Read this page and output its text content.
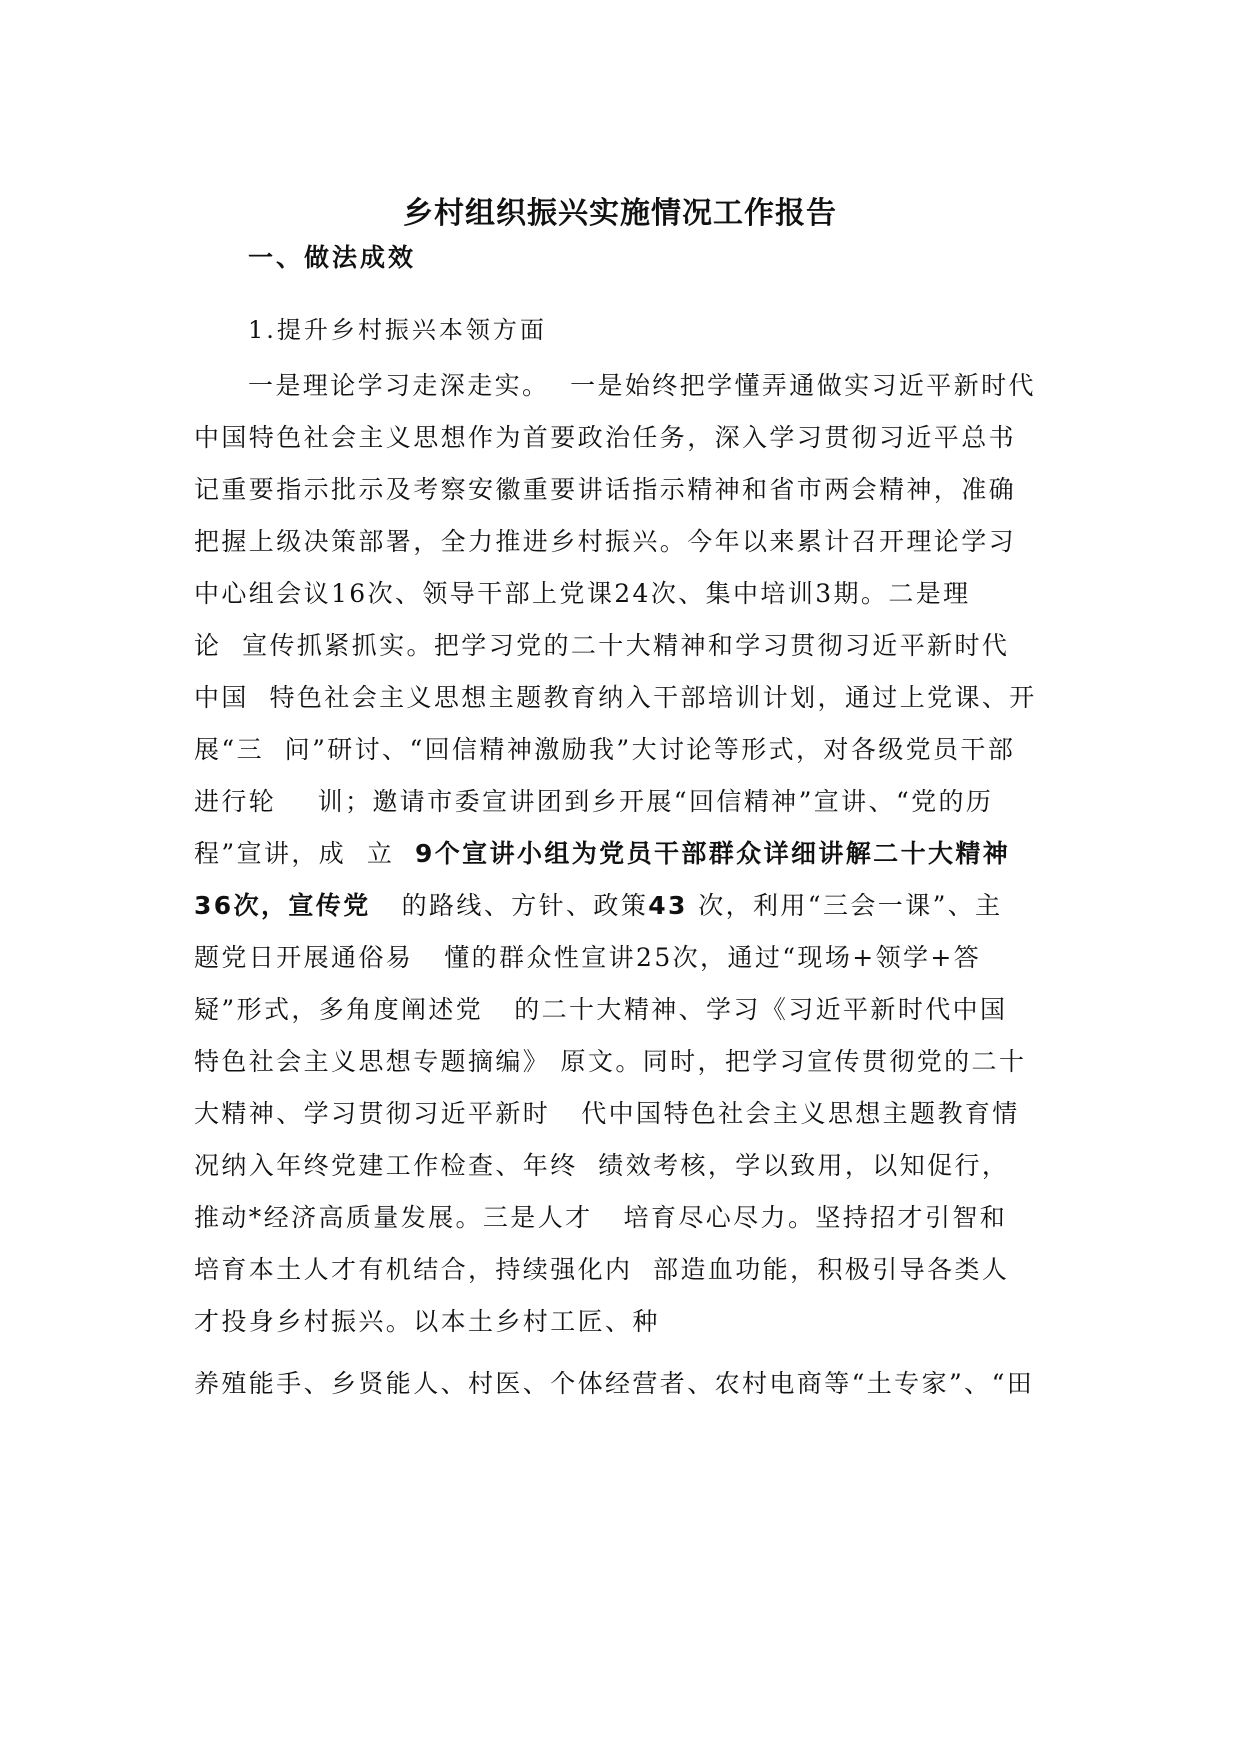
乡村组织振兴实施情况工作报告
一、做法成效
1.提升乡村振兴本领方面
一是理论学习走深走实。  一是始终把学懂弄通做实习近平新时代
中国特色社会主义思想作为首要政治任务，深入学习贯彻习近平总书
记重要指示批示及考察安徽重要讲话指示精神和省市两会精神，准确
把握上级决策部署，全力推进乡村振兴。今年以来累计召开理论学习
中心组会议16次、领导干部上党课24次、集中培训3期。二是理
论  宣传抓紧抓实。把学习党的二十大精神和学习贯彻习近平新时代
中国  特色社会主义思想主题教育纳入干部培训计划，通过上党课、开
展“三  问”研讨、“回信精神激励我”大讨论等形式，对各级党员干部
进行轮    训；邀请市委宣讲团到乡开展“回信精神”宣讲、“党的历
程”宣讲，成  立  9个宣讲小组为党员干部群众详细讲解二十大精神
36次，宣传党   的路线、方针、政策43 次，利用“三会一课”、主
题党日开展通俗易   懂的群众性宣讲25次，通过“现场+领学+答
疑”形式，多角度阐述党   的二十大精神、学习《习近平新时代中国
特色社会主义思想专题摘编》 原文。同时，把学习宣传贯彻党的二十
大精神、学习贯彻习近平新时   代中国特色社会主义思想主题教育情
况纳入年终党建工作检查、年终  绩效考核，学以致用，以知促行，
推动*经济高质量发展。三是人才   培育尽心尽力。坚持招才引智和
培育本土人才有机结合，持续强化内  部造血功能，积极引导各类人
才投身乡村振兴。以本土乡村工匠、种
养殖能手、乡贤能人、村医、个体经营者、农村电商等“土专家”、“田
